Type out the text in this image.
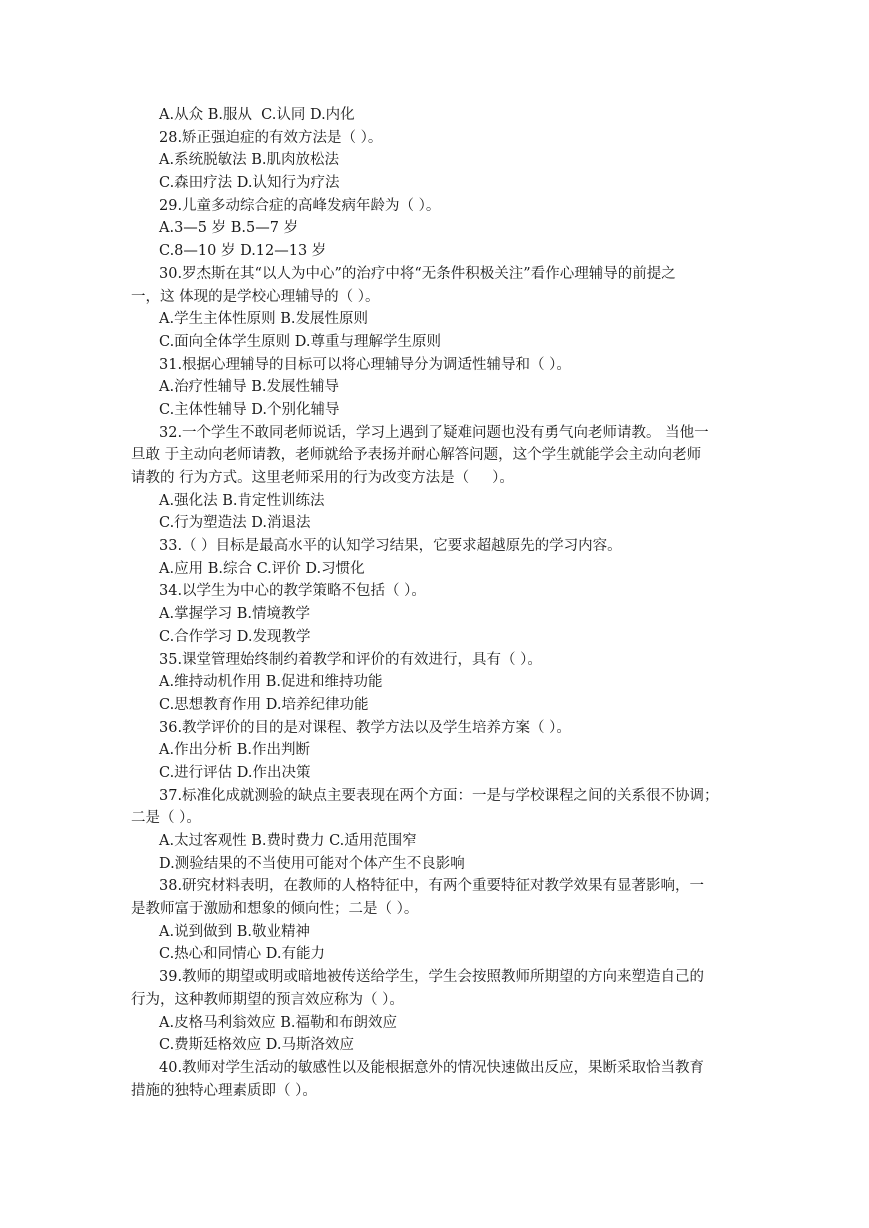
A.从众 B.服从  C.认同 D.内化
28.矫正强迫症的有效方法是（ ）。
A.系统脱敏法 B.肌肉放松法
C.森田疗法 D.认知行为疗法
29.儿童多动综合症的高峰发病年龄为（ ）。
A.3—5 岁 B.5—7 岁
C.8—10 岁 D.12—13 岁
30.罗杰斯在其“以人为中心”的治疗中将“无条件积极关注”看作心理辅导的前提之
一，这 体现的是学校心理辅导的（ ）。
A.学生主体性原则 B.发展性原则
C.面向全体学生原则 D.尊重与理解学生原则
31.根据心理辅导的目标可以将心理辅导分为调适性辅导和（ ）。
A.治疗性辅导 B.发展性辅导
C.主体性辅导 D.个别化辅导
32.一个学生不敢同老师说话，学习上遇到了疑难问题也没有勇气向老师请教。 当他一
旦敢 于主动向老师请教，老师就给予表扬并耐心解答问题，这个学生就能学会主动向老师
请教的 行为方式。这里老师采用的行为改变方法是（     ）。
A.强化法 B.肯定性训练法
C.行为塑造法 D.消退法
33.（ ）目标是最高水平的认知学习结果，它要求超越原先的学习内容。
A.应用 B.综合 C.评价 D.习惯化
34.以学生为中心的教学策略不包括（ ）。
A.掌握学习 B.情境教学
C.合作学习 D.发现教学
35.课堂管理始终制约着教学和评价的有效进行，具有（ ）。
A.维持动机作用 B.促进和维持功能
C.思想教育作用 D.培养纪律功能
36.教学评价的目的是对课程、教学方法以及学生培养方案（ ）。
A.作出分析 B.作出判断
C.进行评估 D.作出决策
37.标准化成就测验的缺点主要表现在两个方面：一是与学校课程之间的关系很不协调；
二是（ ）。
A.太过客观性 B.费时费力 C.适用范围窄
D.测验结果的不当使用可能对个体产生不良影响
38.研究材料表明，在教师的人格特征中，有两个重要特征对教学效果有显著影响，一
是教师富于激励和想象的倾向性；二是（ ）。
A.说到做到 B.敬业精神
C.热心和同情心 D.有能力
39.教师的期望或明或暗地被传送给学生，学生会按照教师所期望的方向来塑造自己的
行为，这种教师期望的预言效应称为（ ）。
A.皮格马利翁效应 B.福勒和布朗效应
C.费斯廷格效应 D.马斯洛效应
40.教师对学生活动的敏感性以及能根据意外的情况快速做出反应，果断采取恰当教育
措施的独特心理素质即（ ）。
